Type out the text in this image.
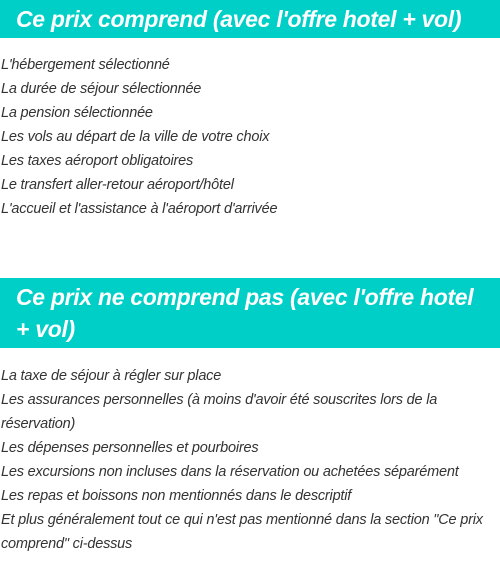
Ce prix comprend (avec l'offre hotel + vol)
L'hébergement sélectionné
La durée de séjour sélectionnée
La pension sélectionnée
Les vols au départ de la ville de votre choix
Les taxes aéroport obligatoires
Le transfert aller-retour aéroport/hôtel
L'accueil et l'assistance à l'aéroport d'arrivée
Ce prix ne comprend pas (avec l'offre hotel + vol)
La taxe de séjour à régler sur place
Les assurances personnelles (à moins d'avoir été souscrites lors de la réservation)
Les dépenses personnelles et pourboires
Les excursions non incluses dans la réservation ou achetées séparément
Les repas et boissons non mentionnés dans le descriptif
Et plus généralement tout ce qui n'est pas mentionné dans la section "Ce prix comprend" ci-dessus
